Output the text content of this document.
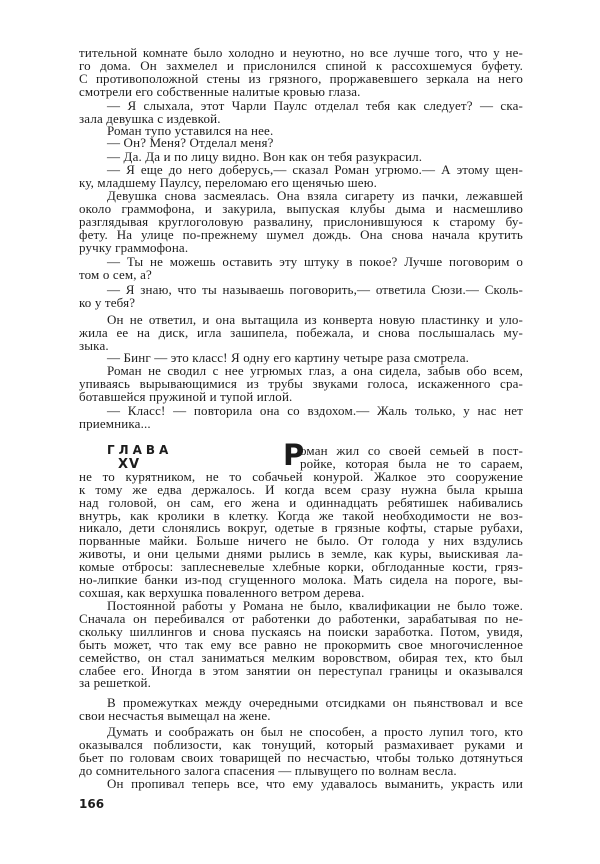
тительной комнате было холодно и неуютно, но все лучше того, что у не-
го дома. Он захмелел и прислонился спиной к рассохшемуся буфету.
С противоположной стены из грязного, проржавевшего зеркала на него
смотрели его собственные налитые кровью глаза.
— Я слыхала, этот Чарли Паулс отделал тебя как следует? — ска-
зала девушка с издевкой.
Роман тупо уставился на нее.
— Он? Меня? Отделал меня?
— Да. Да и по лицу видно. Вон как он тебя разукрасил.
— Я еще до него доберусь,— сказал Роман угрюмо.— А этому щен-
ку, младшему Паулсу, переломаю его щенячью шею.
Девушка снова засмеялась. Она взяла сигарету из пачки, лежавшей
около граммофона, и закурила, выпуская клубы дыма и насмешливо
разглядывая круглоголовую развалину, прислонившуюся к старому бу-
фету. На улице по-прежнему шумел дождь. Она снова начала крутить
ручку граммофона.
— Ты не можешь оставить эту штуку в покое? Лучше поговорим о
том о сем, а?
— Я знаю, что ты называешь поговорить,— ответила Сюзи.— Сколь-
ко у тебя?
Он не ответил, и она вытащила из конверта новую пластинку и уло-
жила ее на диск, игла зашипела, побежала, и снова послышалась му-
зыка.
— Бинг — это класс! Я одну его картину четыре раза смотрела.
Роман не сводил с нее угрюмых глаз, а она сидела, забыв обо всем,
упиваясь вырывающимися из трубы звуками голоса, искаженного сра-
ботавшейся пружиной и тупой иглой.
— Класс! — повторила она со вздохом.— Жаль только, у нас нет
приемника...
оман жил со своей семьей в пост-
ройке, которая была не то сараем,
не то курятником, не то собачьей конурой. Жалкое это сооружение
к тому же едва держалось. И когда всем сразу нужна была крыша
над головой, он сам, его жена и одиннадцать ребятишек набивались
внутрь, как кролики в клетку. Когда же такой необходимости не воз-
никало, дети слонялись вокруг, одетые в грязные кофты, старые рубахи,
порванные майки. Больше ничего не было. От голода у них вздулись
животы, и они целыми днями рылись в земле, как куры, выискивая ла-
комые отбросы: заплесневелые хлебные корки, обглоданные кости, гряз-
но-липкие банки из-под сгущенного молока. Мать сидела на пороге, вы-
сохшая, как верхушка поваленного ветром дерева.
Постоянной работы у Романа не было, квалификации не было тоже.
Сначала он перебивался от работенки до работенки, зарабатывая по не-
скольку шиллингов и снова пускаясь на поиски заработка. Потом, увидя,
быть может, что так ему все равно не прокормить свое многочисленное
семейство, он стал заниматься мелким воровством, обирая тех, кто был
слабее его. Иногда в этом занятии он переступал границы и оказывался
за решеткой.
В промежутках между очередными отсидками он пьянствовал и все
свои несчастья вымещал на жене.
Думать и соображать он был не способен, а просто лупил того, кто
оказывался поблизости, как тонущий, который размахивает руками и
бьет по головам своих товарищей по несчастью, чтобы только дотянуться
до сомнительного залога спасения — плывущего по волнам весла.
Он пропивал теперь все, что ему удавалось выманить, украсть или
ГЛАВА
XV	Р
166
